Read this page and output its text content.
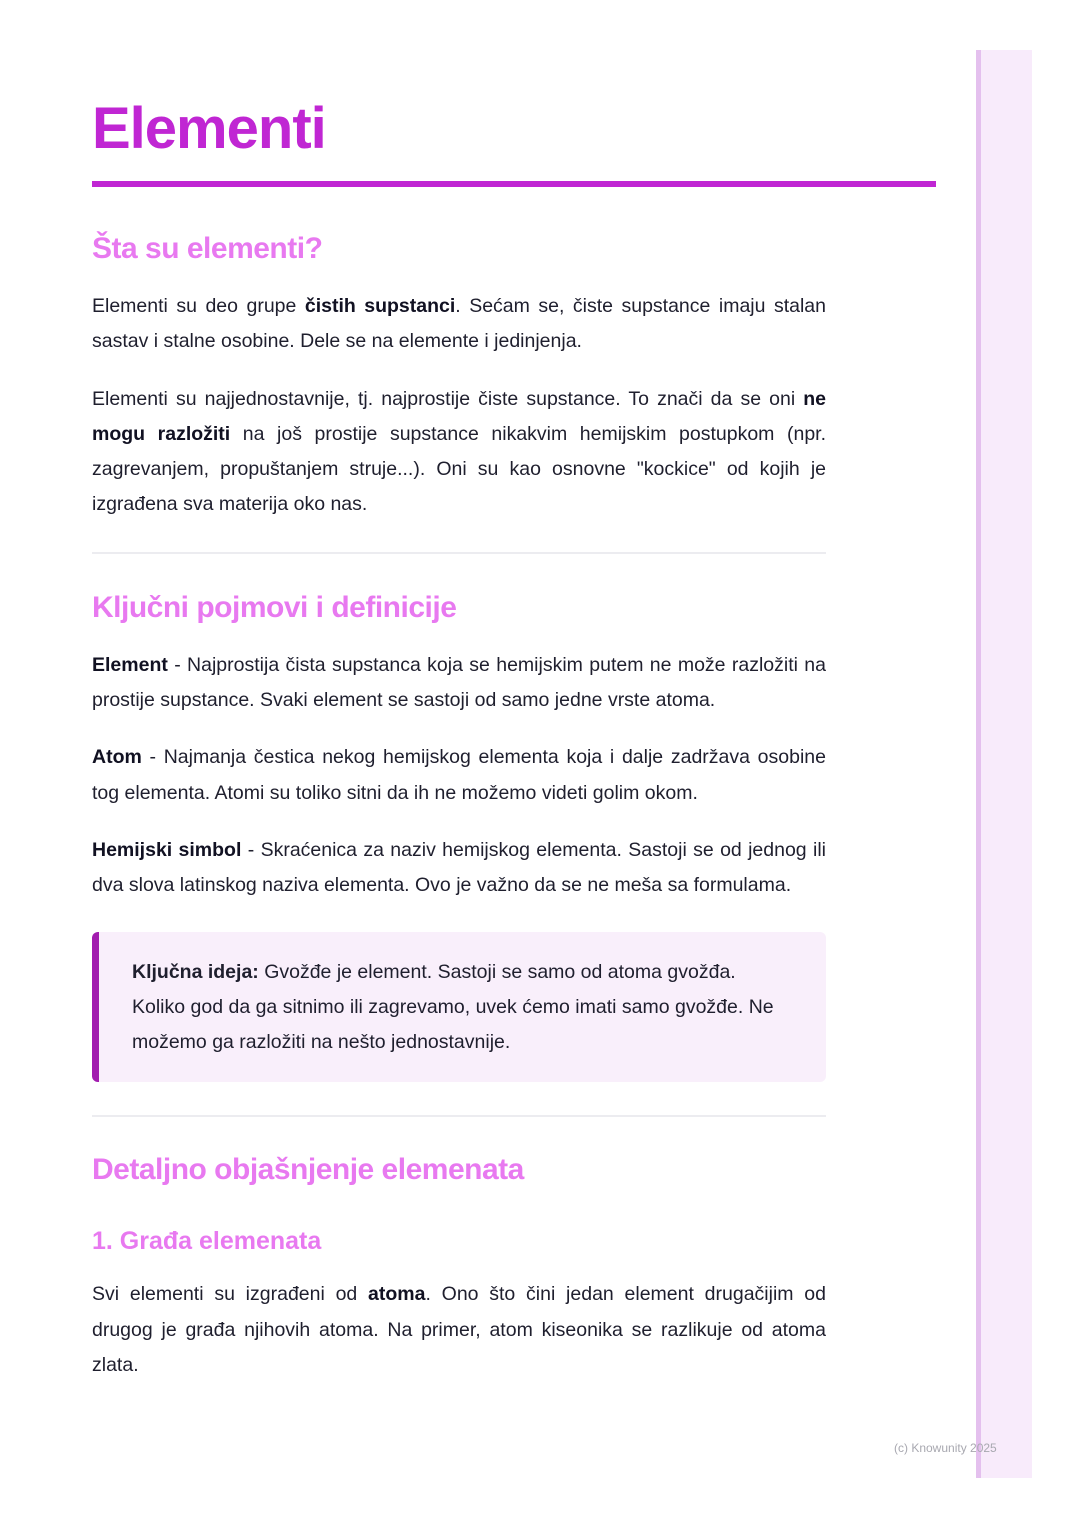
Elementi
Šta su elementi?

Elementi su deo grupe čistih supstanci. Sećam se, čiste supstance imaju stalan sastav i stalne osobine. Dele se na elemente i jedinjenja.

Elementi su najjednostavnije, tj. najprostije čiste supstance. To znači da se oni ne mogu razložiti na još prostije supstance nikakvim hemijskim postupkom (npr. zagrevanjem, propuštanjem struje...). Oni su kao osnovne "kockice" od kojih je izgrađena sva materija oko nas.

Ključni pojmovi i definicije

Element - Najprostija čista supstanca koja se hemijskim putem ne može razložiti na prostije supstance. Svaki element se sastoji od samo jedne vrste atoma.

Atom - Najmanja čestica nekog hemijskog elementa koja i dalje zadržava osobine tog elementa. Atomi su toliko sitni da ih ne možemo videti golim okom.

Hemijski simbol - Skraćenica za naziv hemijskog elementa. Sastoji se od jednog ili dva slova latinskog naziva elementa. Ovo je važno da se ne meša sa formulama.

Ključna ideja: Gvožđe je element. Sastoji se samo od atoma gvožđa. Koliko god da ga sitnimo ili zagrevamo, uvek ćemo imati samo gvožđe. Ne možemo ga razložiti na nešto jednostavnije.

Detaljno objašnjenje elemenata
1. Građa elemenata

Svi elementi su izgrađeni od atoma. Ono što čini jedan element drugačijim od drugog je građa njihovih atoma. Na primer, atom kiseonika se razlikuje od atoma zlata.

(c) Knowunity 2025
